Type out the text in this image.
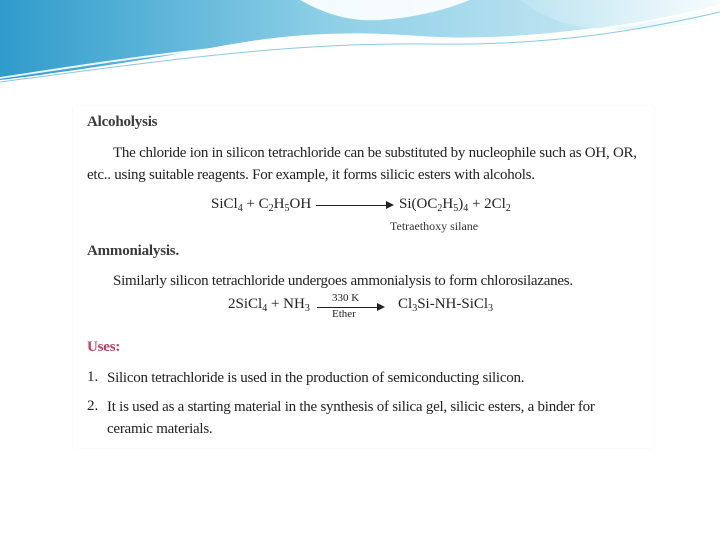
Alcoholysis
The chloride ion in silicon tetrachloride can be substituted by nucleophile such as OH, OR, etc.. using suitable reagents. For example, it forms silicic esters with alcohols.
SiCl$_4$ + $C_2H_5OH$	$Si(OC_2H_5)_4 + 2Cl_2$
Tetraethoxy silane
Ammonialysis.
Similarly silicon tetrachloride undergoes ammonialysis to form chlorosilazanes.
2SiCl$_4$ + $NH_3$
330 K
Ether
$Cl_3Si-NH-SiCl_3$
Uses:
1. Silicon tetrachloride is used in the production of semiconducting silicon.
2. It is used as a starting material in the synthesis of silica gel, silicic esters, a binder for ceramic materials.
